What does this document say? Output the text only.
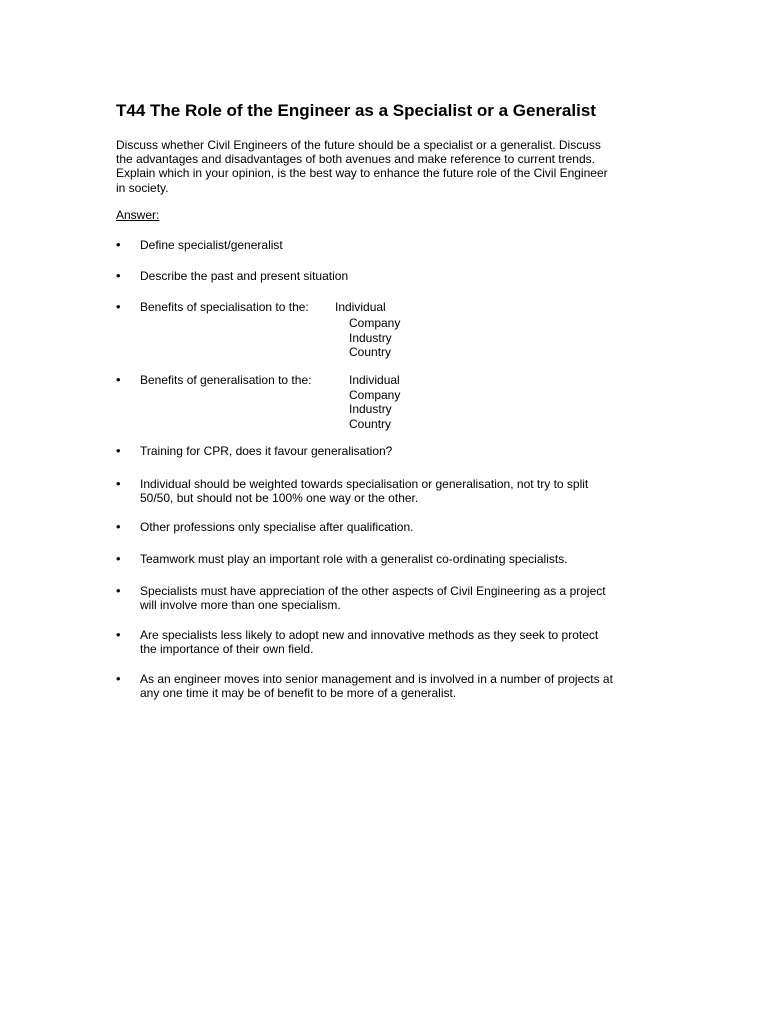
T44 The Role of the Engineer as a Specialist or a Generalist
Discuss whether Civil Engineers of the future should be a specialist or a generalist. Discuss
the advantages and disadvantages of both avenues and make reference to current trends.
Explain which in your opinion, is the best way to enhance the future role of the Civil Engineer
in society.
Answer:
• Define specialist/generalist
• Describe the past and present situation
• Benefits of specialisation to the:	Individual
Company
Industry
Country
• Benefits of generalisation to the:	Individual
Company
Industry
Country
• Training for CPR, does it favour generalisation?
• Individual should be weighted towards specialisation or generalisation, not try to split
50/50, but should not be 100% one way or the other.
• Other professions only specialise after qualification.
• Teamwork must play an important role with a generalist co-ordinating specialists.
• Specialists must have appreciation of the other aspects of Civil Engineering as a project
will involve more than one specialism.
• Are specialists less likely to adopt new and innovative methods as they seek to protect
the importance of their own field.
• As an engineer moves into senior management and is involved in a number of projects at
any one time it may be of benefit to be more of a generalist.
